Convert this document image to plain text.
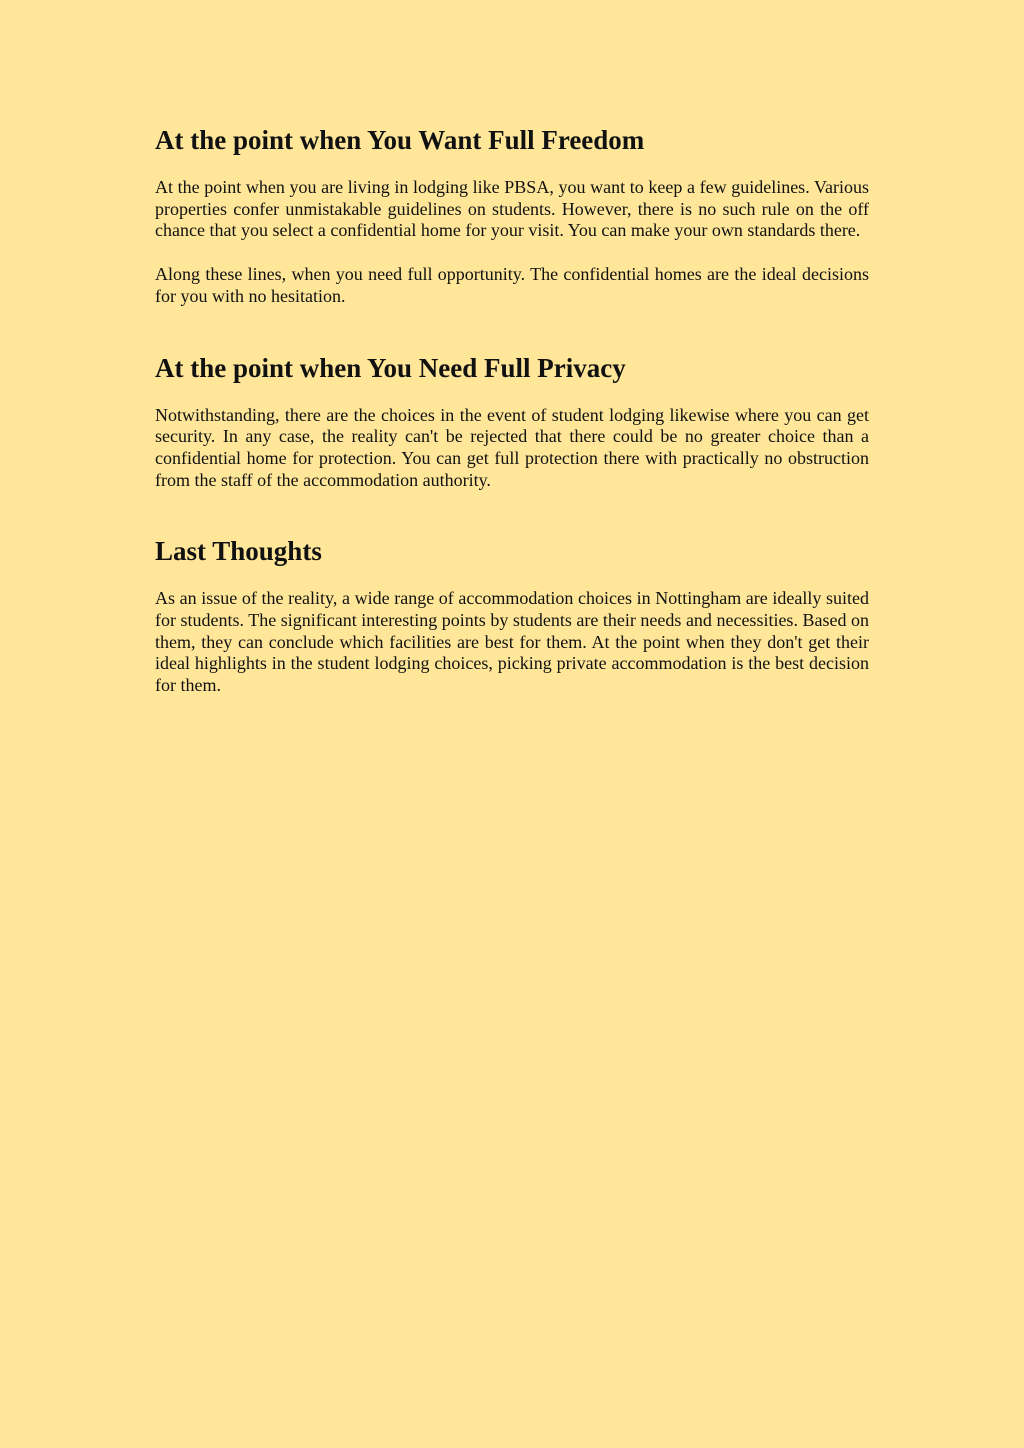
At the point when You Want Full Freedom

At the point when you are living in lodging like PBSA, you want to keep a few guidelines. Various properties confer unmistakable guidelines on students. However, there is no such rule on the off chance that you select a confidential home for your visit. You can make your own standards there.

Along these lines, when you need full opportunity. The confidential homes are the ideal decisions for you with no hesitation.

At the point when You Need Full Privacy

Notwithstanding, there are the choices in the event of student lodging likewise where you can get security. In any case, the reality can't be rejected that there could be no greater choice than a confidential home for protection. You can get full protection there with practically no obstruction from the staff of the accommodation authority.

Last Thoughts

As an issue of the reality, a wide range of accommodation choices in Nottingham are ideally suited for students. The significant interesting points by students are their needs and necessities. Based on them, they can conclude which facilities are best for them. At the point when they don't get their ideal highlights in the student lodging choices, picking private accommodation is the best decision for them.
